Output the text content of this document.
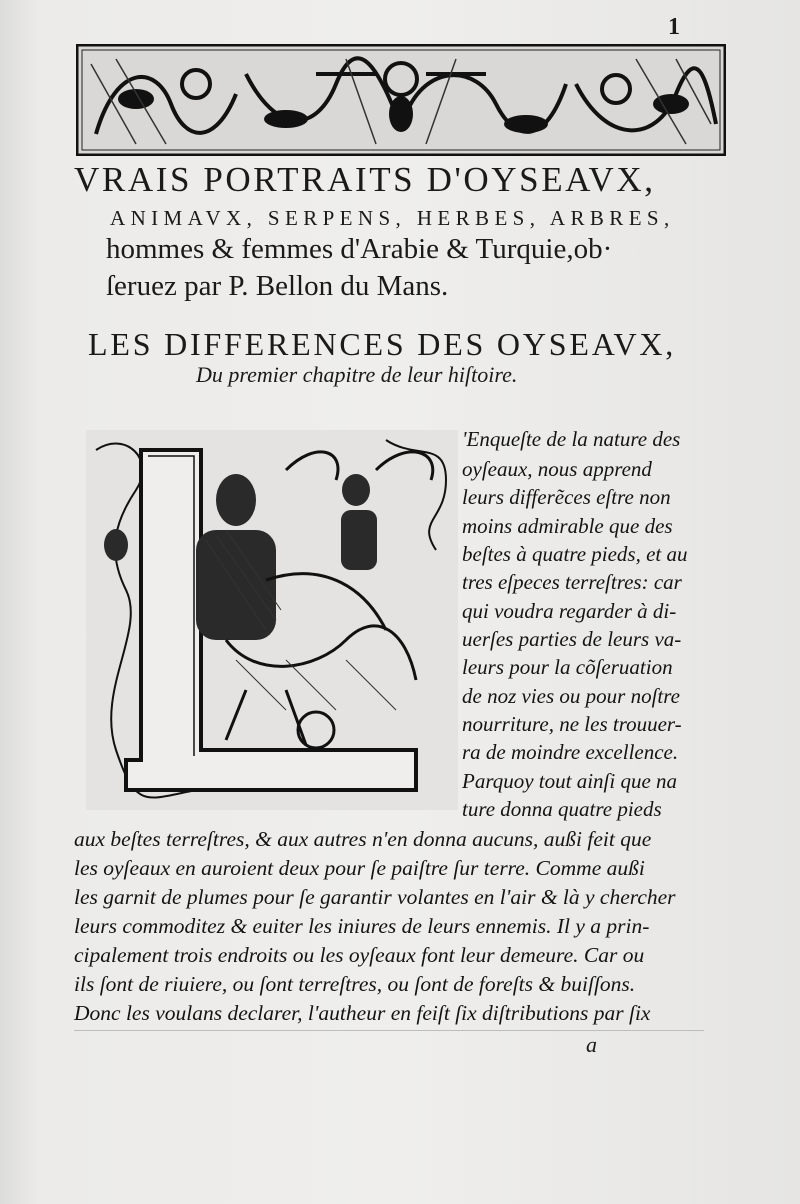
1
VRAIS PORTRAITS D'OYSEAVX,
ANIMAVX, SERPENS, HERBES, ARBRES,
hommes & femmes d'Arabie & Turquie,ob·
ſeruez par P. Bellon du Mans.
LES DIFFERENCES DES OYSEAVX,
Du premier chapitre de leur hiſtoire.
'Enqueſte de la nature des
oyſeaux, nous apprend
leurs differẽces eſtre non
moins admirable que des
beſtes à quatre pieds, et au
tres eſpeces terreſtres: car
qui voudra regarder à di-
uerſes parties de leurs va-
leurs pour la cõſeruation
de noz vies ou pour noſtre
nourriture, ne les trouuer-
ra de moindre excellence.
Parquoy tout ainſi que na
ture donna quatre pieds
aux beſtes terreſtres, & aux autres n'en donna aucuns, außi feit que
les oyſeaux en auroient deux pour ſe paiſtre ſur terre. Comme außi
les garnit de plumes pour ſe garantir volantes en l'air & là y chercher
leurs commoditez & euiter les iniures de leurs ennemis. Il y a prin-
cipalement trois endroits ou les oyſeaux font leur demeure. Car ou
ils ſont de riuiere, ou ſont terreſtres, ou ſont de foreſts & buiſſons.
Donc les voulans declarer, l'autheur en feiſt ſix diſtributions par ſix
a
